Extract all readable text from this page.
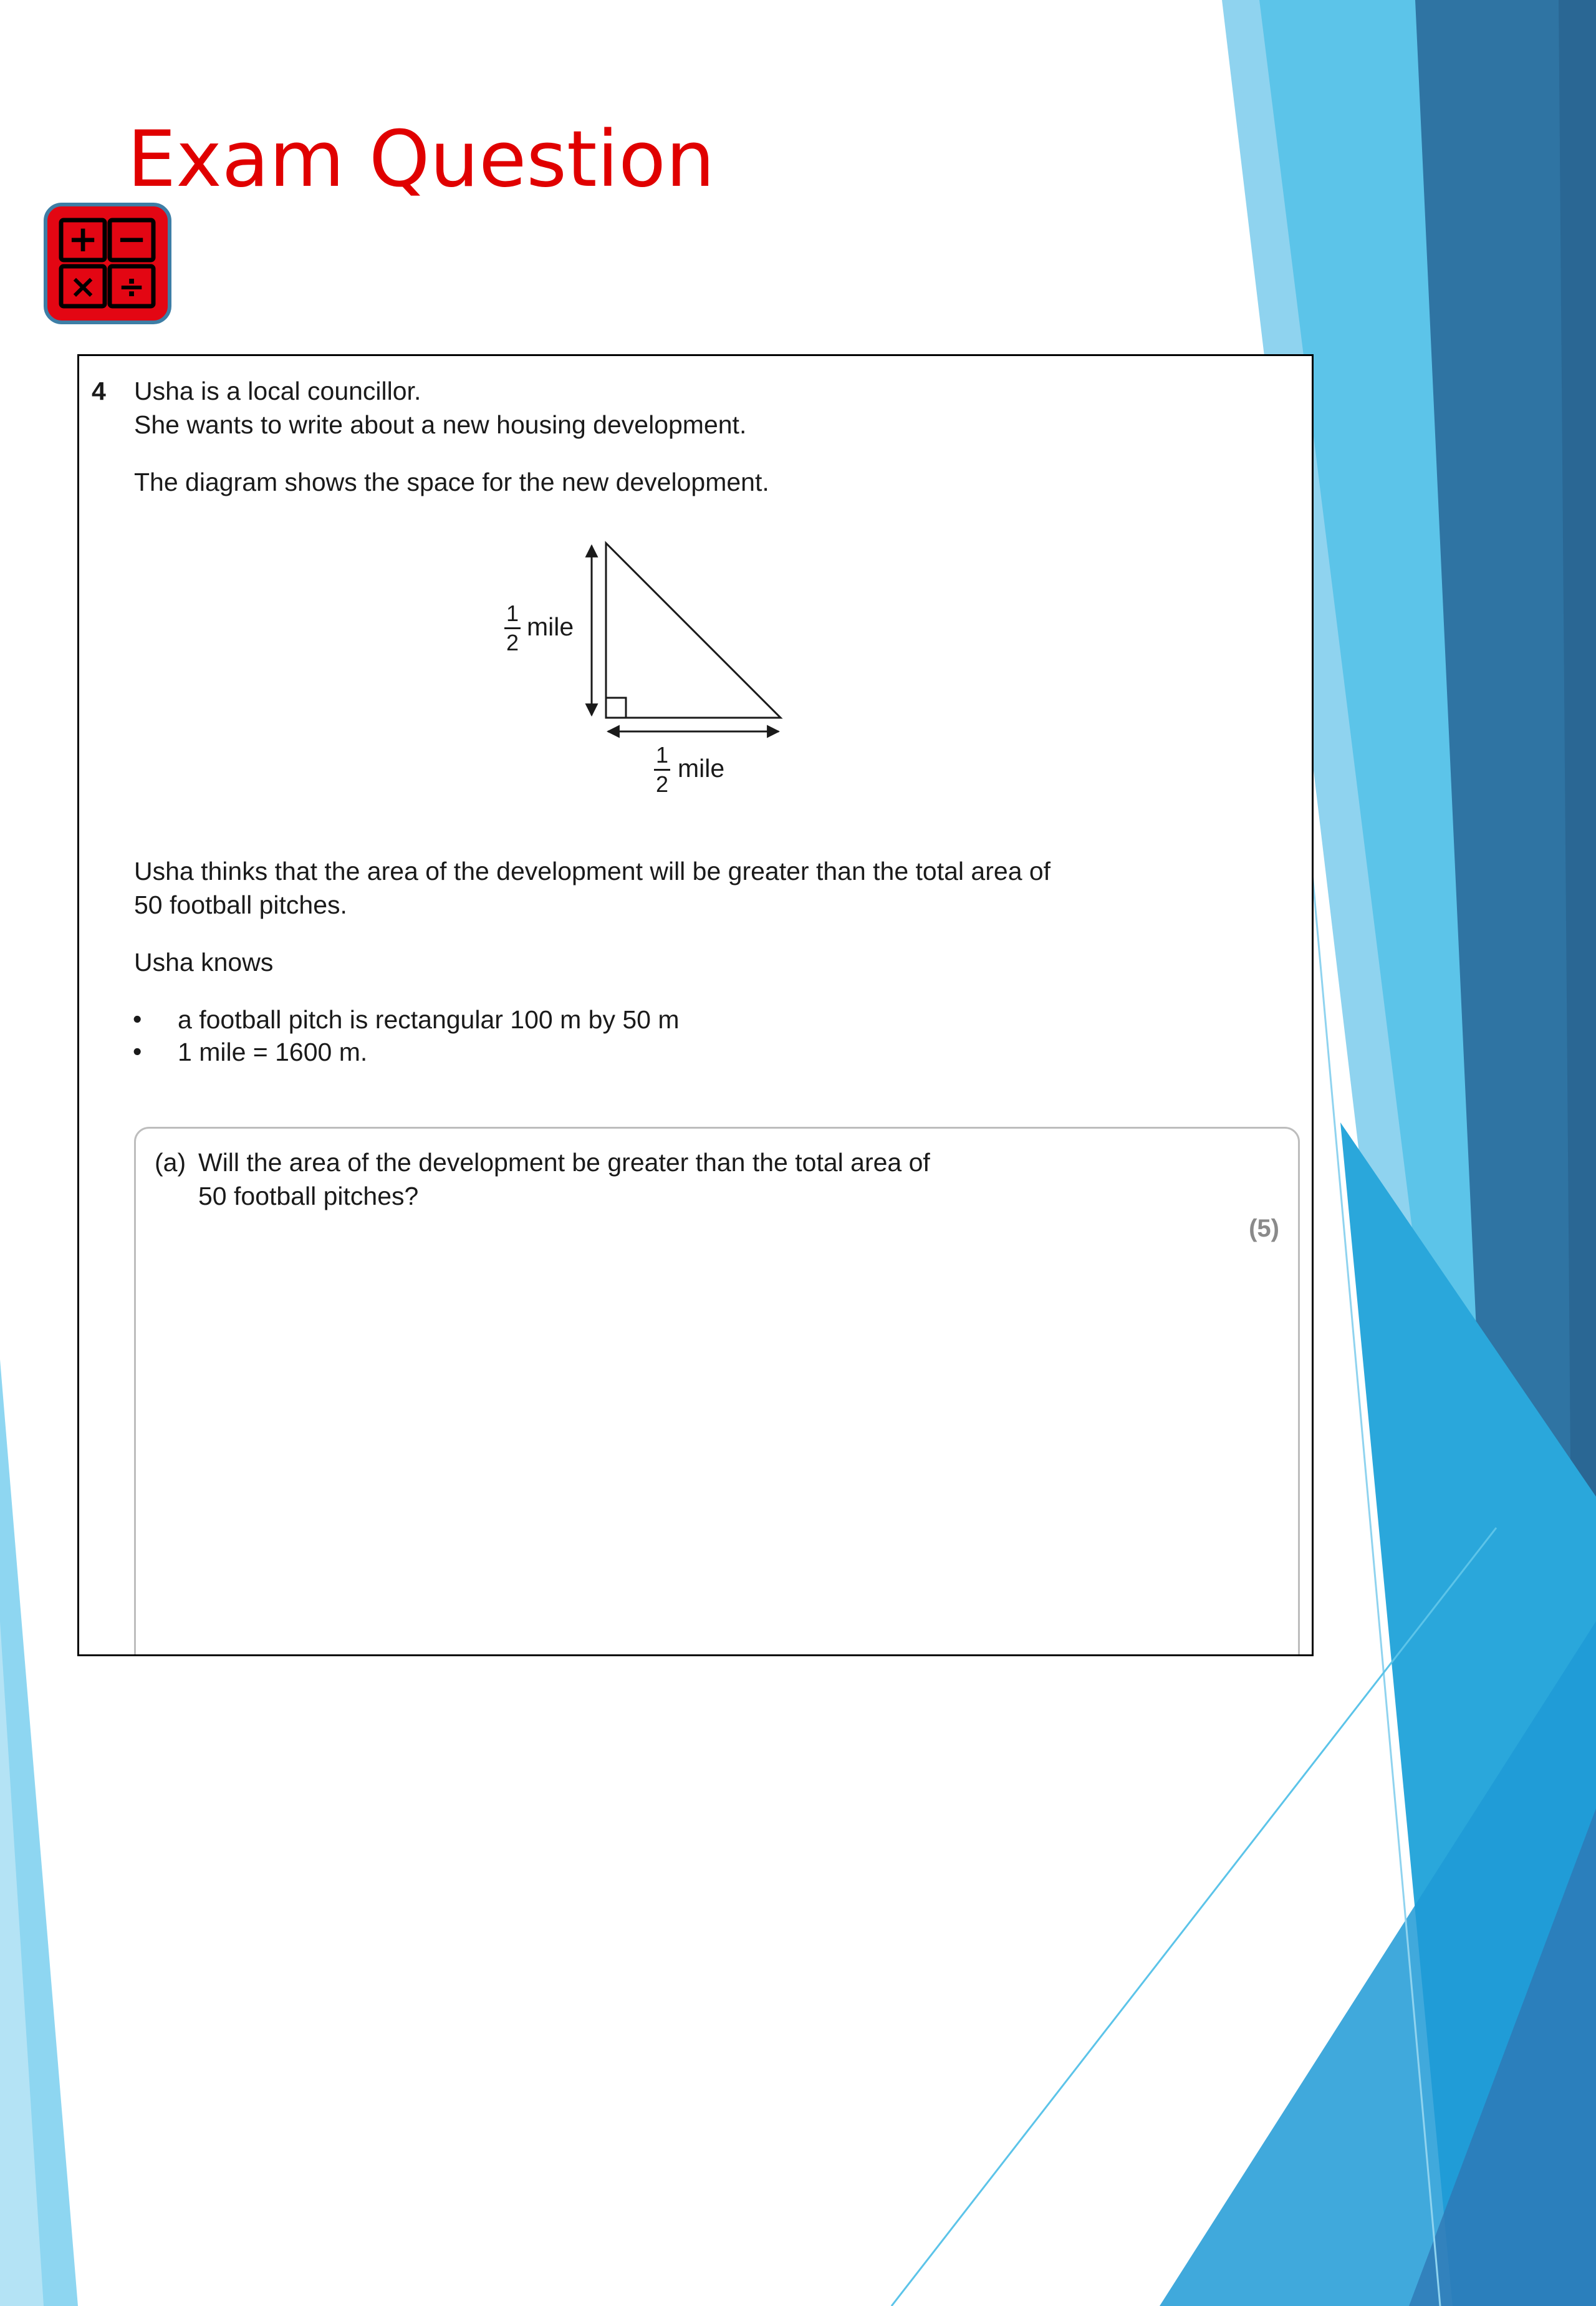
Exam Question
+ −
× ÷
4 Usha is a local councillor.
She wants to write about a new housing development.
The diagram shows the space for the new development.
1
2
mile
1
2
mile
Usha thinks that the area of the development will be greater than the total area of
50 football pitches.
Usha knows
• a football pitch is rectangular 100 m by 50 m
• 1 mile = 1600 m.
(a) Will the area of the development be greater than the total area of
50 football pitches?
(5)
